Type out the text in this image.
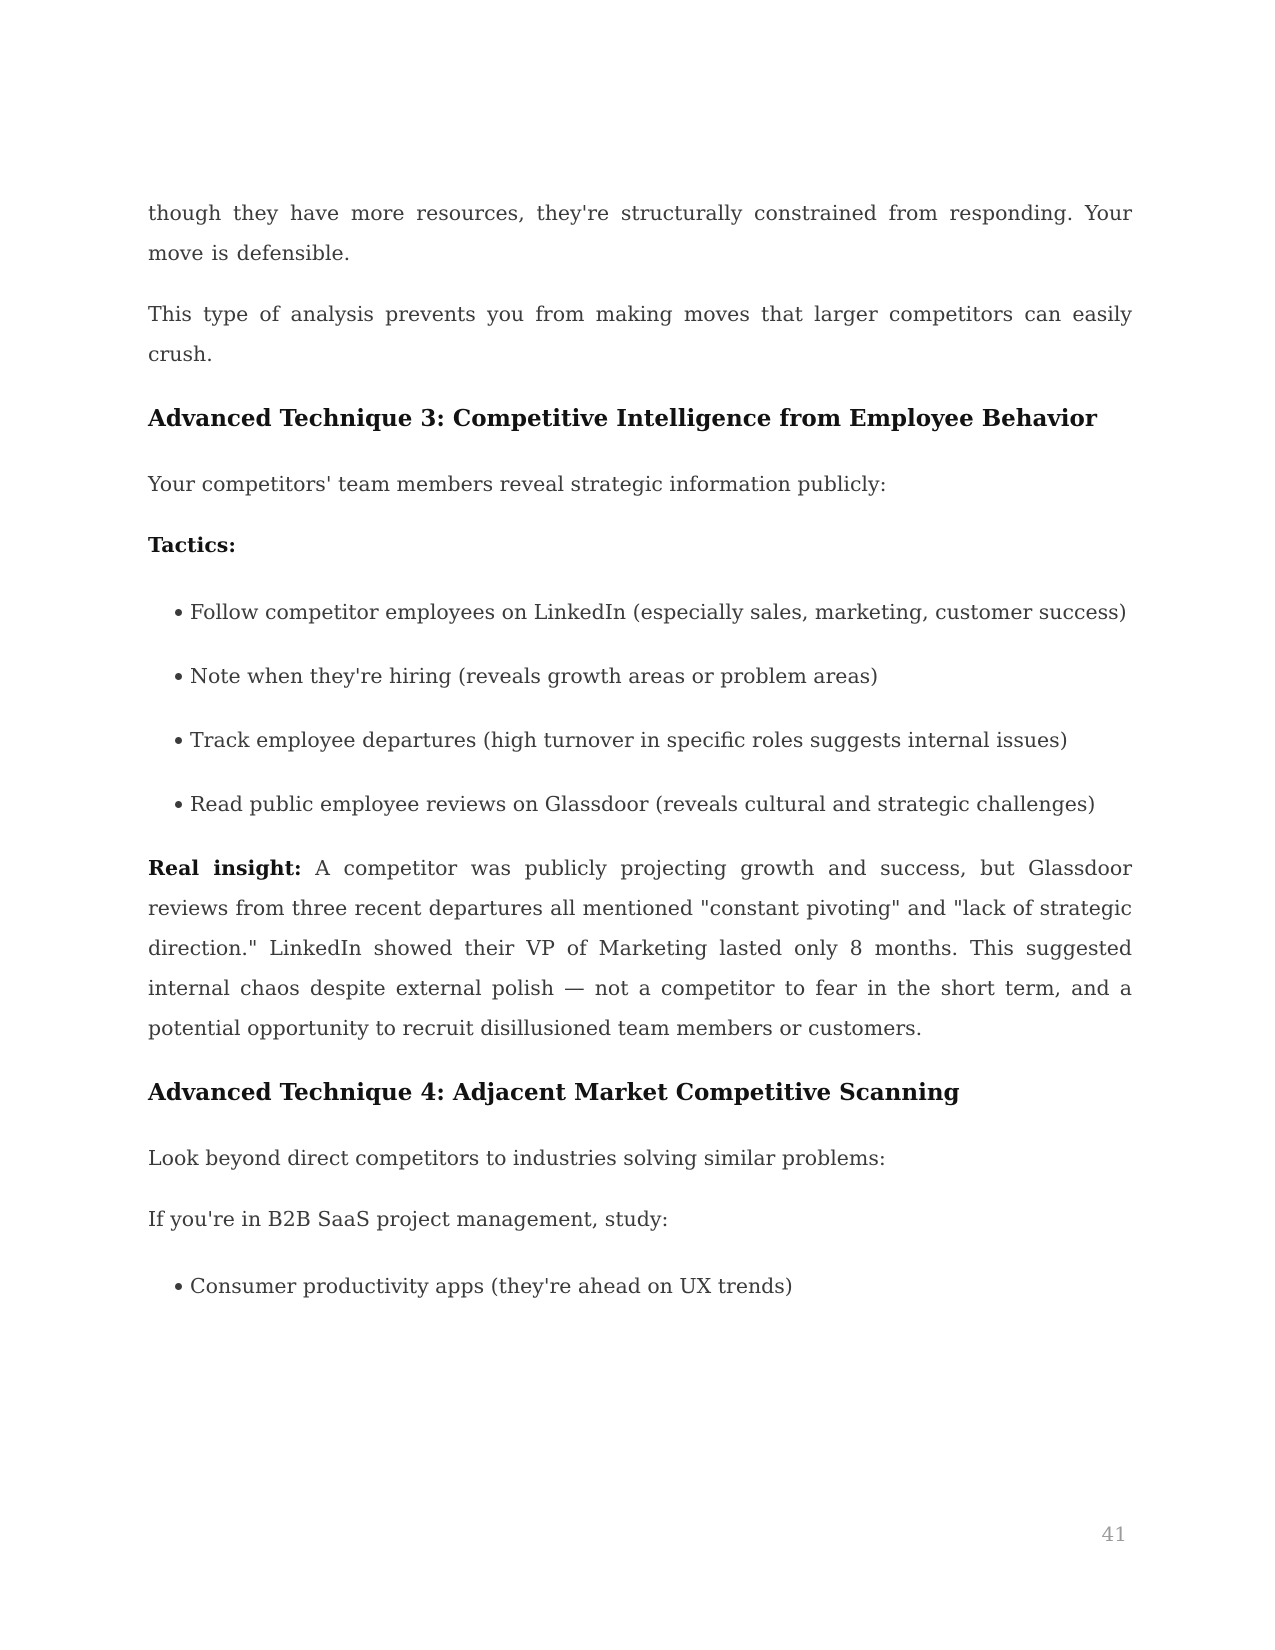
though they have more resources, they're structurally constrained from responding. Your move is defensible.

This type of analysis prevents you from making moves that larger competitors can easily crush.

Advanced Technique 3: Competitive Intelligence from Employee Behavior

Your competitors' team members reveal strategic information publicly:

Tactics:

Follow competitor employees on LinkedIn (especially sales, marketing, customer success)
Note when they're hiring (reveals growth areas or problem areas)
Track employee departures (high turnover in specific roles suggests internal issues)
Read public employee reviews on Glassdoor (reveals cultural and strategic challenges)

Real insight: A competitor was publicly projecting growth and success, but Glassdoor reviews from three recent departures all mentioned "constant pivoting" and "lack of strategic direction." LinkedIn showed their VP of Marketing lasted only 8 months. This suggested internal chaos despite external polish — not a competitor to fear in the short term, and a potential opportunity to recruit disillusioned team members or customers.

Advanced Technique 4: Adjacent Market Competitive Scanning

Look beyond direct competitors to industries solving similar problems:

If you're in B2B SaaS project management, study:

Consumer productivity apps (they're ahead on UX trends)
41
